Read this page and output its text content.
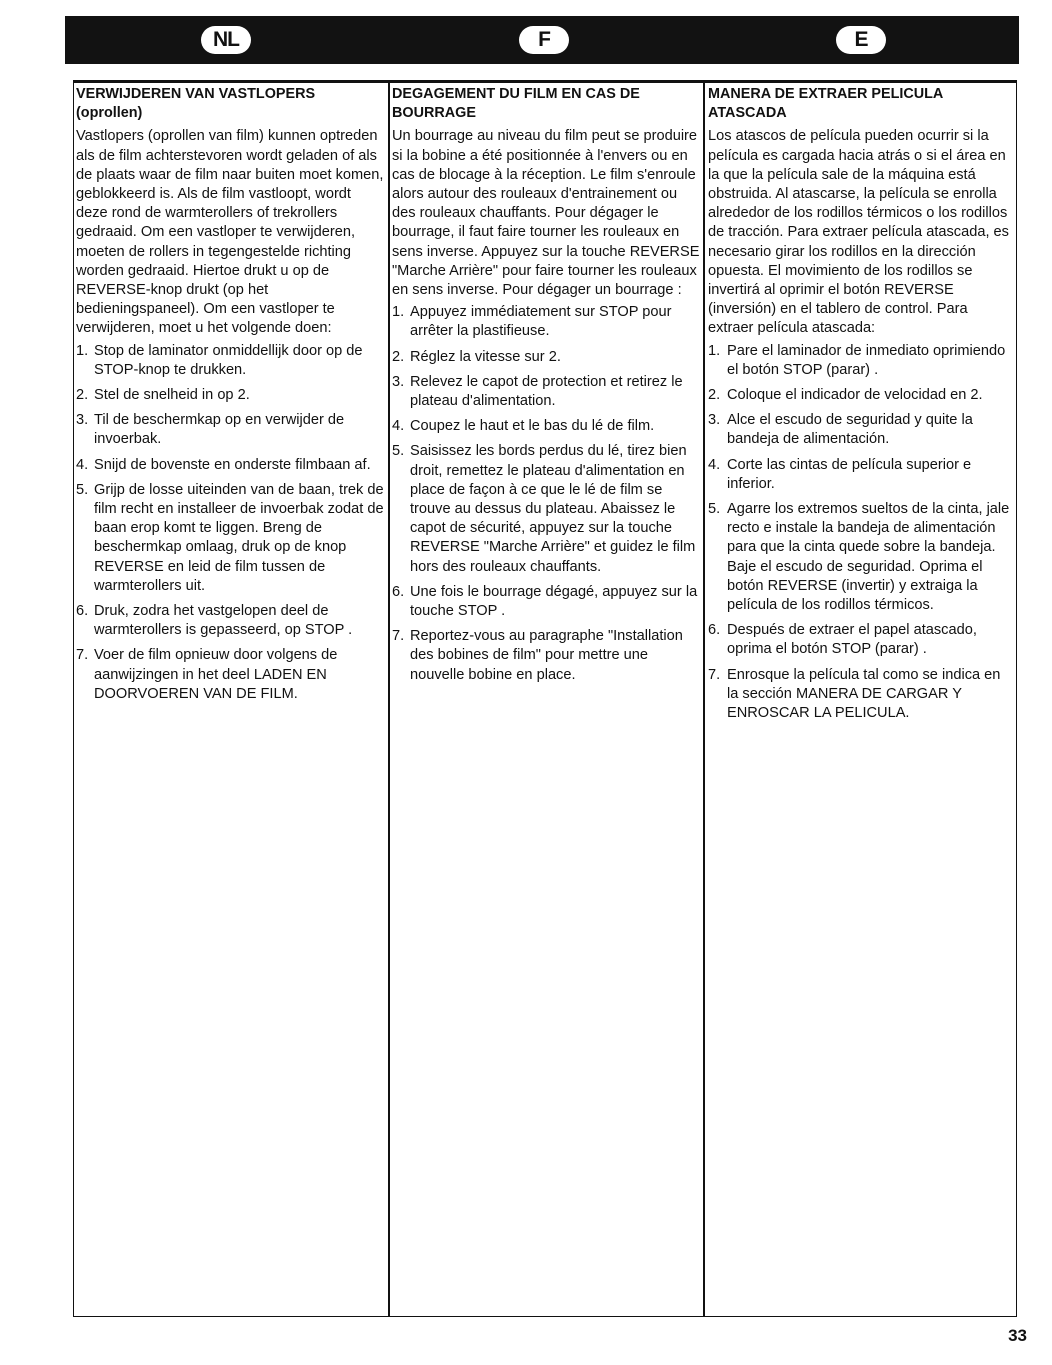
NL	F	E
VERWIJDEREN VAN VASTLOPERS (oprollen)
Vastlopers (oprollen van film) kunnen optreden als de film achterstevoren wordt geladen of als de plaats waar de film naar buiten moet komen, geblokkeerd is. Als de film vastloopt, wordt deze rond de warmterollers of trekrollers gedraaid. Om een vastloper te verwijderen, moeten de rollers in tegengestelde richting worden gedraaid. Hiertoe drukt u op de REVERSE-knop drukt (op het bedieningspaneel). Om een vastloper te verwijderen, moet u het volgende doen:
1. Stop de laminator onmiddellijk door op de STOP-knop te drukken.
2. Stel de snelheid in op 2.
3. Til de beschermkap op en verwijder de invoerbak.
4. Snijd de bovenste en onderste filmbaan af.
5. Grijp de losse uiteinden van de baan, trek de film recht en installeer de invoerbak zodat de baan erop komt te liggen. Breng de beschermkap omlaag, druk op de knop REVERSE en leid de film tussen de warmterollers uit.
6. Druk, zodra het vastgelopen deel de warmterollers is gepasseerd, op STOP .
7. Voer de film opnieuw door volgens de aanwijzingen in het deel LADEN EN DOORVOEREN VAN DE FILM.
DEGAGEMENT DU FILM EN CAS DE BOURRAGE
Un bourrage au niveau du film peut se produire si la bobine a été positionnée à l'envers ou en cas de blocage à la réception. Le film s'enroule alors autour des rouleaux d'entrainement ou des rouleaux chauffants. Pour dégager le bourrage, il faut faire tourner les rouleaux en sens inverse. Appuyez sur la touche REVERSE "Marche Arrière" pour faire tourner les rouleaux en sens inverse. Pour dégager un bourrage :
1. Appuyez immédiatement sur STOP pour arrêter la plastifieuse.
2. Réglez la vitesse sur 2.
3. Relevez le capot de protection et retirez le plateau d'alimentation.
4. Coupez le haut et le bas du lé de film.
5. Saisissez les bords perdus du lé, tirez bien droit, remettez le plateau d'alimentation en place de façon à ce que le lé de film se trouve au dessus du plateau. Abaissez le capot de sécurité, appuyez sur la touche REVERSE "Marche Arrière" et guidez le film hors des rouleaux chauffants.
6. Une fois le bourrage dégagé, appuyez sur la touche STOP .
7. Reportez-vous au paragraphe "Installation des bobines de film" pour mettre une nouvelle bobine en place.
MANERA DE EXTRAER PELICULA ATASCADA
Los atascos de película pueden ocurrir si la película es cargada hacia atrás o si el área en la que la película sale de la máquina está obstruida. Al atascarse, la película se enrolla alrededor de los rodillos térmicos o los rodillos de tracción. Para extraer película atascada, es necesario girar los rodillos en la dirección opuesta. El movimiento de los rodillos se invertirá al oprimir el botón REVERSE (inversión) en el tablero de control. Para extraer película atascada:
1. Pare el laminador de inmediato oprimiendo el botón STOP (parar) .
2. Coloque el indicador de velocidad en 2.
3. Alce el escudo de seguridad y quite la bandeja de alimentación.
4. Corte las cintas de película superior e inferior.
5. Agarre los extremos sueltos de la cinta, jale recto e instale la bandeja de alimentación para que la cinta quede sobre la bandeja. Baje el escudo de seguridad. Oprima el botón REVERSE (invertir) y extraiga la película de los rodillos térmicos.
6. Después de extraer el papel atascado, oprima el botón STOP (parar) .
7. Enrosque la película tal como se indica en la sección MANERA DE CARGAR Y ENROSCAR LA PELICULA.
33
